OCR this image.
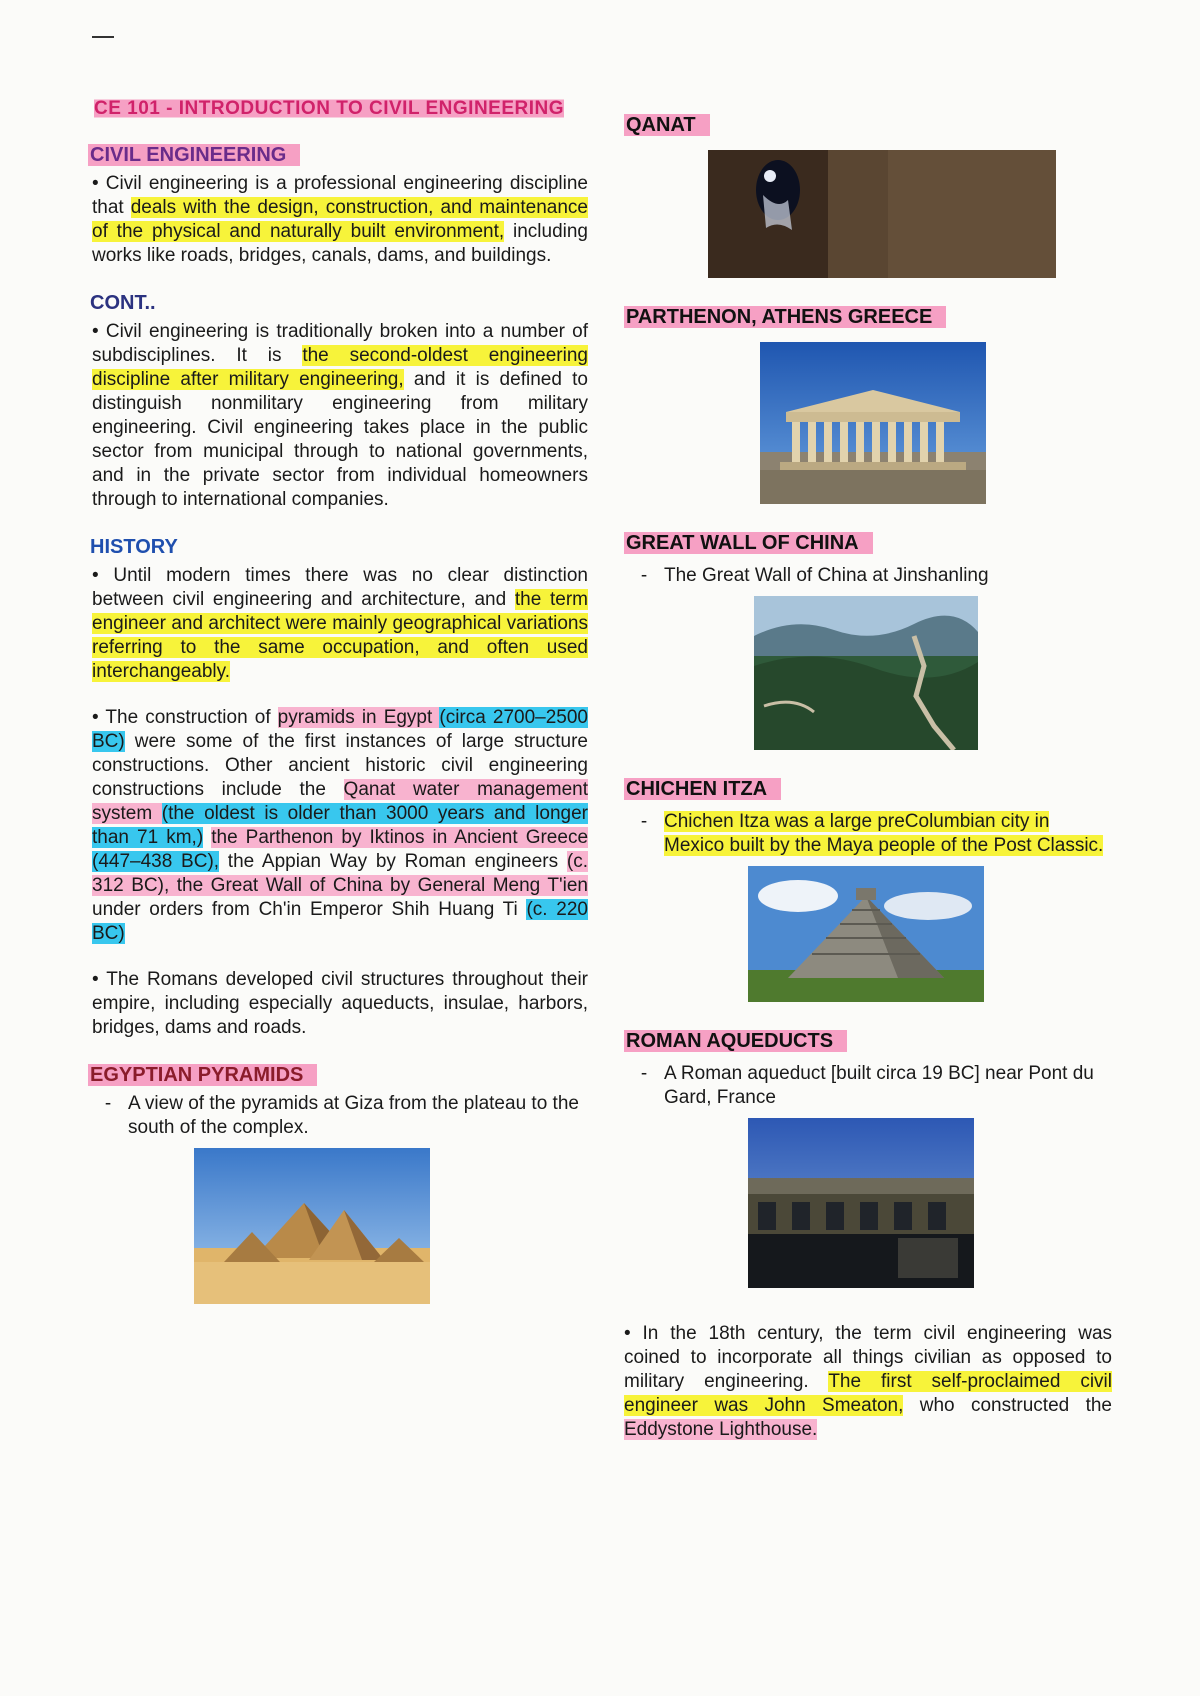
CE 101 - INTRODUCTION TO CIVIL ENGINEERING
CIVIL ENGINEERING
• Civil engineering is a professional engineering discipline that deals with the design, construction, and maintenance of the physical and naturally built environment, including works like roads, bridges, canals, dams, and buildings.
CONT..
• Civil engineering is traditionally broken into a number of subdisciplines. It is the second-oldest engineering discipline after military engineering, and it is defined to distinguish nonmilitary engineering from military engineering. Civil engineering takes place in the public sector from municipal through to national governments, and in the private sector from individual homeowners through to international companies.
HISTORY
• Until modern times there was no clear distinction between civil engineering and architecture, and the term engineer and architect were mainly geographical variations referring to the same occupation, and often used interchangeably.
• The construction of pyramids in Egypt (circa 2700–2500 BC) were some of the first instances of large structure constructions. Other ancient historic civil engineering constructions include the Qanat water management system (the oldest is older than 3000 years and longer than 71 km,) the Parthenon by Iktinos in Ancient Greece (447–438 BC), the Appian Way by Roman engineers (c. 312 BC), the Great Wall of China by General Meng T'ien under orders from Ch'in Emperor Shih Huang Ti (c. 220 BC)
• The Romans developed civil structures throughout their empire, including especially aqueducts, insulae, harbors, bridges, dams and roads.
EGYPTIAN PYRAMIDS
- A view of the pyramids at Giza from the plateau to the south of the complex.
QANAT
PARTHENON, ATHENS GREECE
GREAT WALL OF CHINA
- The Great Wall of China at Jinshanling
CHICHEN ITZA
- Chichen Itza was a large preColumbian city in Mexico built by the Maya people of the Post Classic.
ROMAN AQUEDUCTS
- A Roman aqueduct [built circa 19 BC] near Pont du Gard, France
• In the 18th century, the term civil engineering was coined to incorporate all things civilian as opposed to military engineering. The first self-proclaimed civil engineer was John Smeaton, who constructed the Eddystone Lighthouse.
